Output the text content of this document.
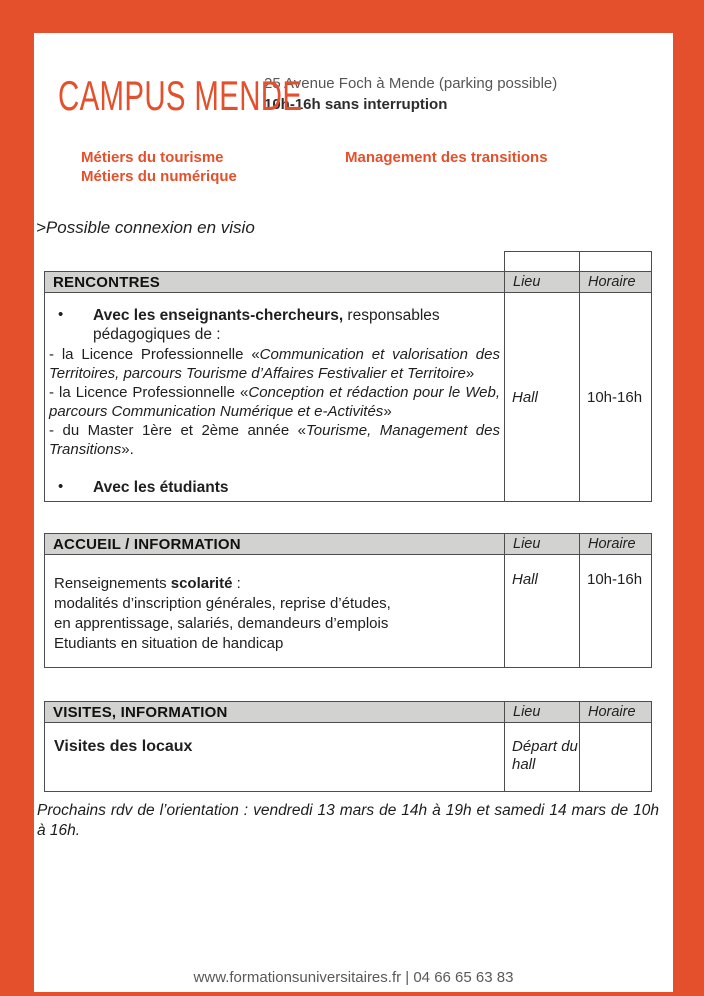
CAMPUS MENDE
25 Avenue Foch à Mende (parking possible)
10h-16h sans interruption
Métiers du tourisme
Métiers du numérique
Management des transitions
>Possible connexion en visio

RENCONTRES	Lieu	Horaire

• Avec les enseignants-chercheurs, responsables pédagogiques de :
- la Licence Professionnelle «Communication et valorisation des Territoires, parcours Tourisme d’Affaires Festivalier et Territoire»
- la Licence Professionnelle «Conception et rédaction pour le Web, parcours Communication Numérique et e-Activités»
- du Master 1ère et 2ème année «Tourisme, Management des Transitions».
• Avec les étudiants
	Hall	10h-16h
ACCUEIL / INFORMATION	Lieu	Horaire

Renseignements scolarité :
modalités d’inscription générales, reprise d’études,
en apprentissage, salariés, demandeurs d’emplois
Etudiants en situation de handicap	Hall	10h-16h
VISITES, INFORMATION	Lieu	Horaire
Visites des locaux	Départ du hall	
Prochains rdv de l’orientation : vendredi 13 mars de 14h à 19h et samedi 14 mars de 10h à 16h.
www.formationsuniversitaires.fr | 04 66 65 63 83
